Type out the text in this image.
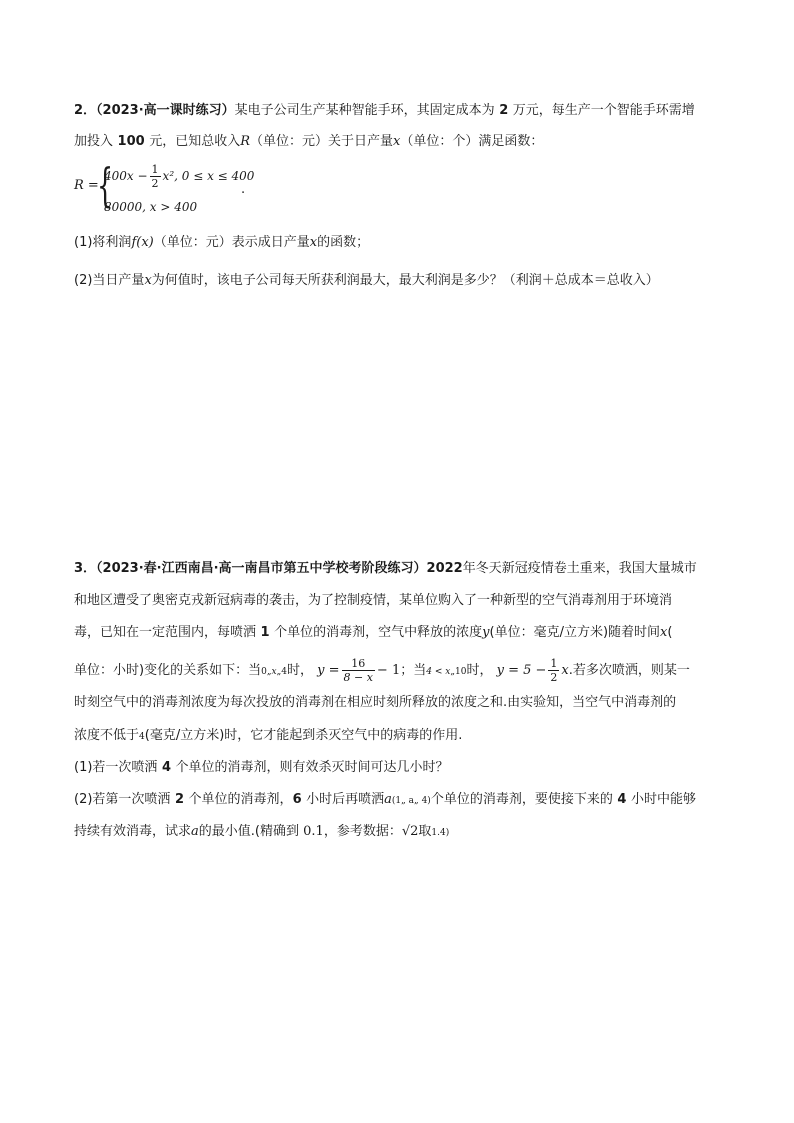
2．（2023·高一课时练习）某电子公司生产某种智能手环，其固定成本为 2 万元，每生产一个智能手环需增
加投入 100 元，已知总收入R（单位：元）关于日产量x（单位：个）满足函数：
R =
{
$400x - \frac{1}{2} x^2$, 0 ≤ x ≤ 400
80000, x > 400
.
(1)将利润f(x)（单位：元）表示成日产量x的函数；
(2)当日产量x为何值时，该电子公司每天所获利润最大，最大利润是多少？（利润＋总成本＝总收入）
3．（2023·春·江西南昌·高一南昌市第五中学校考阶段练习）2022年冬天新冠疫情卷土重来，我国大量城市
和地区遭受了奥密克戎新冠病毒的袭击，为了控制疫情，某单位购入了一种新型的空气消毒剂用于环境消
毒，已知在一定范围内，每喷洒 1 个单位的消毒剂，空气中释放的浓度y(单位：毫克/立方米)随着时间x(
单位：小时)变化的关系如下：当0„x„4时， $y = \frac{16}{8 - x} - 1$；当4 < x„10时， $y = 5 - \frac{1}{2} x$.若多次喷洒，则某一
时刻空气中的消毒剂浓度为每次投放的消毒剂在相应时刻所释放的浓度之和.由实验知，当空气中消毒剂的
浓度不低于4(毫克/立方米)时，它才能起到杀灭空气中的病毒的作用.
(1)若一次喷洒 4 个单位的消毒剂，则有效杀灭时间可达几小时？
(2)若第一次喷洒 2 个单位的消毒剂，6 小时后再喷洒a(1„ a„ 4)个单位的消毒剂，要使接下来的 4 小时中能够
持续有效消毒，试求a的最小值.(精确到 0.1，参考数据：√2取1.4)
